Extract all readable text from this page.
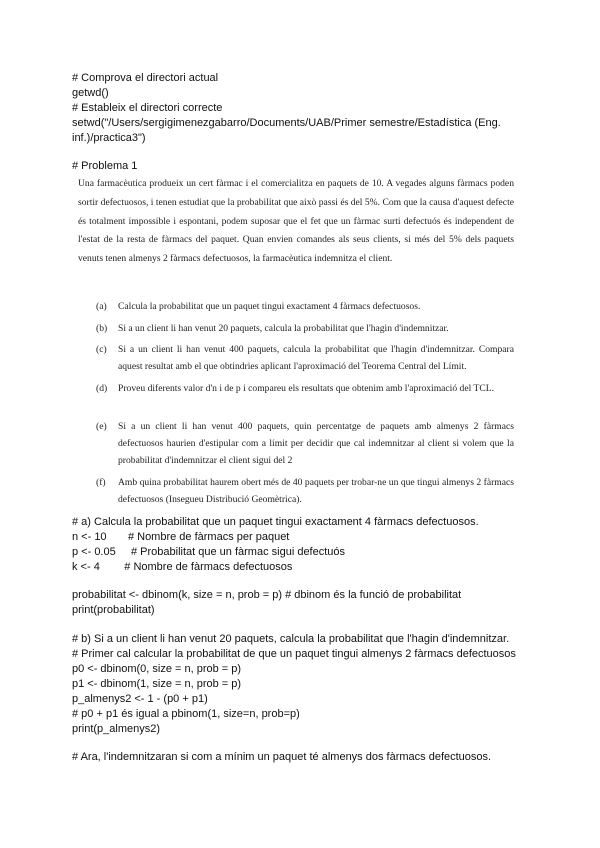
# Comprova el directori actual
getwd()
# Estableix el directori correcte
setwd("/Users/sergigimenezgabarro/Documents/UAB/Primer semestre/Estadística (Eng.
inf.)/practica3")
# Problema 1
Una farmacèutica produeix un cert fàrmac i el comercialitza en paquets de 10. A vegades alguns fàrmacs poden sortir defectuosos, i tenen estudiat que la probabilitat que això passi és del 5%. Com que la causa d'aquest defecte és totalment impossible i espontani, podem suposar que el fet que un fàrmac surti defectuós és independent de l'estat de la resta de fàrmacs del paquet. Quan envien comandes als seus clients, si més del 5% dels paquets venuts tenen almenys 2 fàrmacs defectuosos, la farmacèutica indemnitza el client.
(a) Calcula la probabilitat que un paquet tingui exactament 4 fàrmacs defectuosos.
(b) Si a un client li han venut 20 paquets, calcula la probabilitat que l'hagin d'indemnitzar.
(c) Si a un client li han venut 400 paquets, calcula la probabilitat que l'hagin d'indemnitzar. Compara aquest resultat amb el que obtindries aplicant l'aproximació del Teorema Central del Límit.
(d) Proveu diferents valor d'n i de p i compareu els resultats que obtenim amb l'aproximació del TCL.
(e) Si a un client li han venut 400 paquets, quin percentatge de paquets amb almenys 2 fàrmacs defectuosos haurien d'estipular com a límit per decidir que cal indemnitzar al client si volem que la probabilitat d'indemnitzar el client sigui del 2
(f) Amb quina probabilitat haurem obert més de 40 paquets per trobar-ne un que tingui almenys 2 fàrmacs defectuosos (Insegueu Distribució Geomètrica).
# a) Calcula la probabilitat que un paquet tingui exactament 4 fàrmacs defectuosos.
n <- 10       # Nombre de fàrmacs per paquet
p <- 0.05     # Probabilitat que un fàrmac sigui defectuós
k <- 4        # Nombre de fàrmacs defectuosos
probabilitat <- dbinom(k, size = n, prob = p) # dbinom és la funció de probabilitat
print(probabilitat)
# b) Si a un client li han venut 20 paquets, calcula la probabilitat que l'hagin d'indemnitzar.
# Primer cal calcular la probabilitat de que un paquet tingui almenys 2 fàrmacs defectuosos
p0 <- dbinom(0, size = n, prob = p)
p1 <- dbinom(1, size = n, prob = p)
p_almenys2 <- 1 - (p0 + p1)
# p0 + p1 és igual a pbinom(1, size=n, prob=p)
print(p_almenys2)
# Ara, l'indemnitzaran si com a mínim un paquet té almenys dos fàrmacs defectuosos.
